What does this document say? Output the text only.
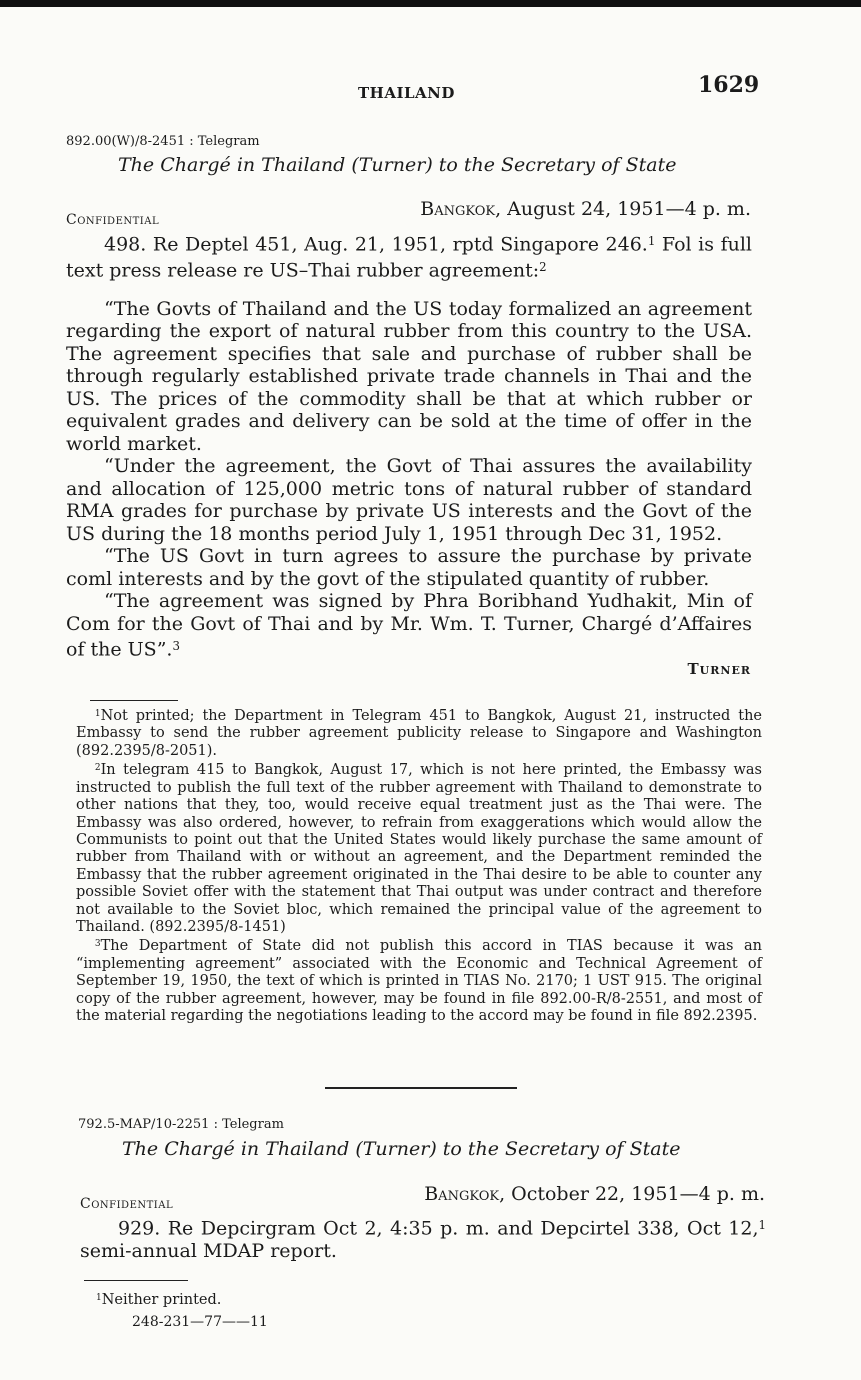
THAILAND	1629
892.00(W)/8-2451 : Telegram
The Chargé in Thailand (Turner) to the Secretary of State
Confidential	Bangkok, August 24, 1951—4 p. m.

498. Re Deptel 451, Aug. 21, 1951, rptd Singapore 246.$^1$ Fol is full text press release re US–Thai rubber agreement:$^2$

“The Govts of Thailand and the US today formalized an agreement regarding the export of natural rubber from this country to the USA. The agreement specifies that sale and purchase of rubber shall be through regularly established private trade channels in Thai and the US. The prices of the commodity shall be that at which rubber or equivalent grades and delivery can be sold at the time of offer in the world market.

“Under the agreement, the Govt of Thai assures the availability and allocation of 125,000 metric tons of natural rubber of standard RMA grades for purchase by private US interests and the Govt of the US during the 18 months period July 1, 1951 through Dec 31, 1952.

“The US Govt in turn agrees to assure the purchase by private coml interests and by the govt of the stipulated quantity of rubber.

“The agreement was signed by Phra Boribhand Yudhakit, Min of Com for the Govt of Thai and by Mr. Wm. T. Turner, Chargé d’Affaires of the US”.$^3$

Turner

$^1$Not printed; the Department in Telegram 451 to Bangkok, August 21, instructed the Embassy to send the rubber agreement publicity release to Singapore and Washington (892.2395/8-2051).

$^2$In telegram 415 to Bangkok, August 17, which is not here printed, the Embassy was instructed to publish the full text of the rubber agreement with Thailand to demonstrate to other nations that they, too, would receive equal treatment just as the Thai were. The Embassy was also ordered, however, to refrain from exaggerations which would allow the Communists to point out that the United States would likely purchase the same amount of rubber from Thailand with or without an agreement, and the Department reminded the Embassy that the rubber agreement originated in the Thai desire to be able to counter any possible Soviet offer with the statement that Thai output was under contract and therefore not available to the Soviet bloc, which remained the principal value of the agreement to Thailand. (892.2395/8-1451)

$^3$The Department of State did not publish this accord in TIAS because it was an “implementing agreement” associated with the Economic and Technical Agreement of September 19, 1950, the text of which is printed in TIAS No. 2170; 1 UST 915. The original copy of the rubber agreement, however, may be found in file 892.00-R/8-2551, and most of the material regarding the negotiations leading to the accord may be found in file 892.2395.

792.5-MAP/10-2251 : Telegram
The Chargé in Thailand (Turner) to the Secretary of State
Confidential	Bangkok, October 22, 1951—4 p. m.

929. Re Depcirgram Oct 2, 4:35 p. m. and Depcirtel 338, Oct 12,$^1$ semi-annual MDAP report.

$^1$Neither printed.

248-231—77——11
